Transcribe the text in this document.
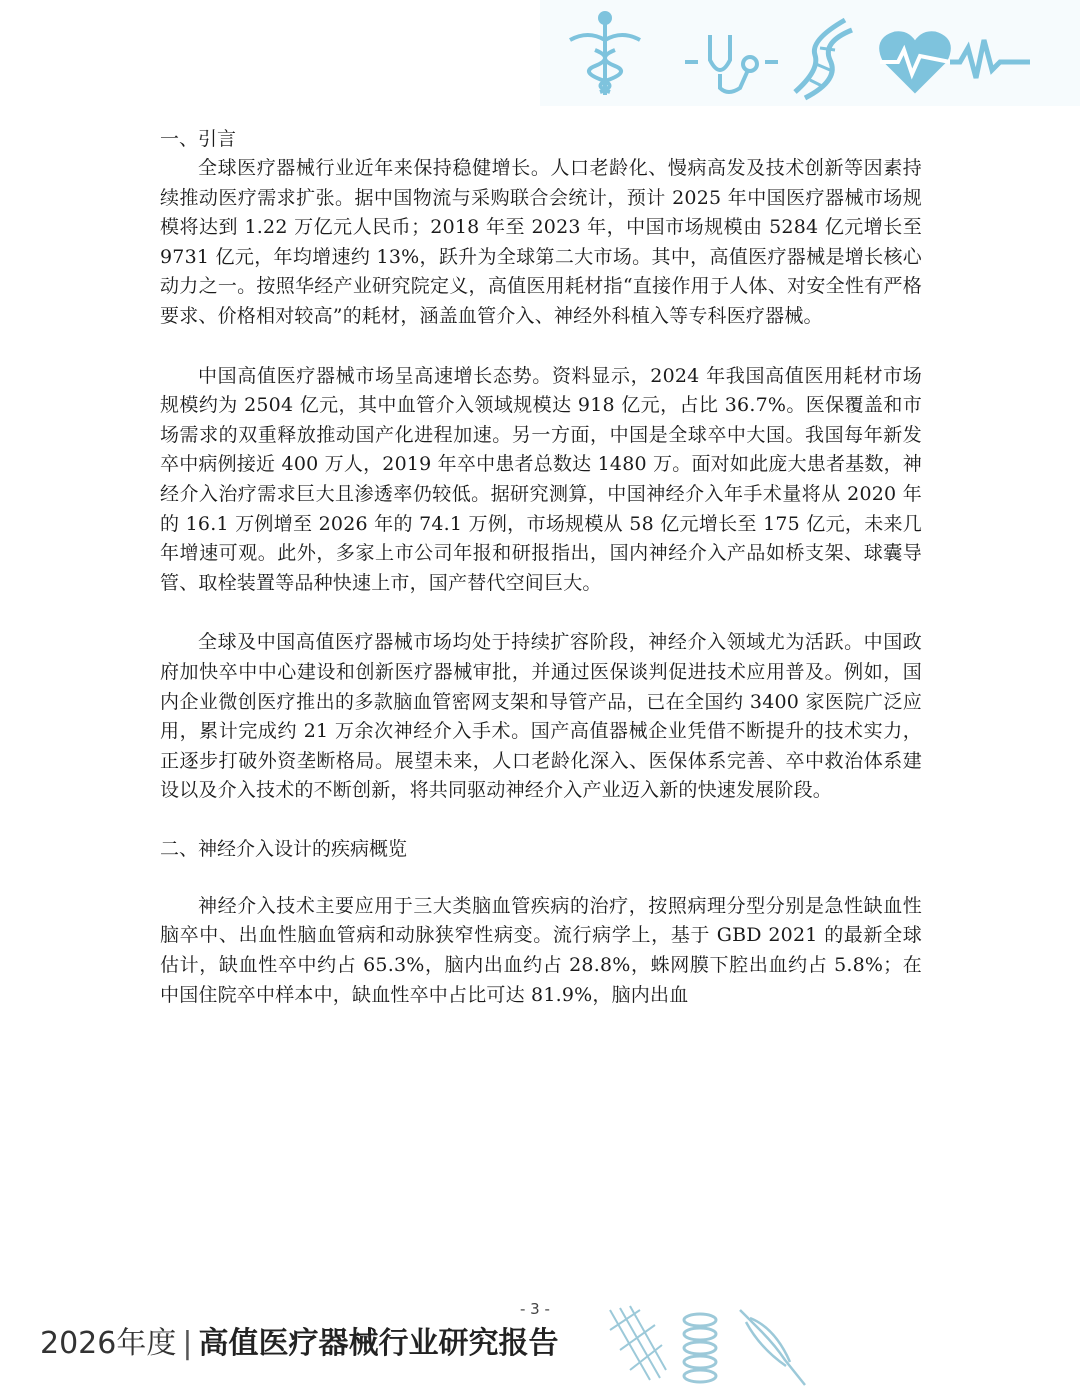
一、引言

全球医疗器械行业近年来保持稳健增长。人口老龄化、慢病高发及技术创新等因素持续推动医疗需求扩张。据中国物流与采购联合会统计，预计 2025 年中国医疗器械市场规模将达到 1.22 万亿元人民币；2018 年至 2023 年，中国市场规模由 5284 亿元增长至 9731 亿元，年均增速约 13%，跃升为全球第二大市场。其中，高值医疗器械是增长核心动力之一。按照华经产业研究院定义，高值医用耗材指“直接作用于人体、对安全性有严格要求、价格相对较高”的耗材，涵盖血管介入、神经外科植入等专科医疗器械。

中国高值医疗器械市场呈高速增长态势。资料显示，2024 年我国高值医用耗材市场规模约为 2504 亿元，其中血管介入领域规模达 918 亿元，占比 36.7%。医保覆盖和市场需求的双重释放推动国产化进程加速。另一方面，中国是全球卒中大国。我国每年新发卒中病例接近 400 万人，2019 年卒中患者总数达 1480 万。面对如此庞大患者基数，神经介入治疗需求巨大且渗透率仍较低。据研究测算，中国神经介入年手术量将从 2020 年的 16.1 万例增至 2026 年的 74.1 万例，市场规模从 58 亿元增长至 175 亿元，未来几年增速可观。此外，多家上市公司年报和研报指出，国内神经介入产品如桥支架、球囊导管、取栓装置等品种快速上市，国产替代空间巨大。

全球及中国高值医疗器械市场均处于持续扩容阶段，神经介入领域尤为活跃。中国政府加快卒中中心建设和创新医疗器械审批，并通过医保谈判促进技术应用普及。例如，国内企业微创医疗推出的多款脑血管密网支架和导管产品，已在全国约 3400 家医院广泛应用，累计完成约 21 万余次神经介入手术。国产高值器械企业凭借不断提升的技术实力，正逐步打破外资垄断格局。展望未来，人口老龄化深入、医保体系完善、卒中救治体系建设以及介入技术的不断创新，将共同驱动神经介入产业迈入新的快速发展阶段。

二、神经介入设计的疾病概览

神经介入技术主要应用于三大类脑血管疾病的治疗，按照病理分型分别是急性缺血性脑卒中、出血性脑血管病和动脉狭窄性病变。流行病学上，基于 GBD 2021 的最新全球估计，缺血性卒中约占 65.3%，脑内出血约占 28.8%，蛛网膜下腔出血约占 5.8%；在中国住院卒中样本中，缺血性卒中占比可达 81.9%，脑内出血

- 3 -
2026年度 | 高值医疗器械行业研究报告
